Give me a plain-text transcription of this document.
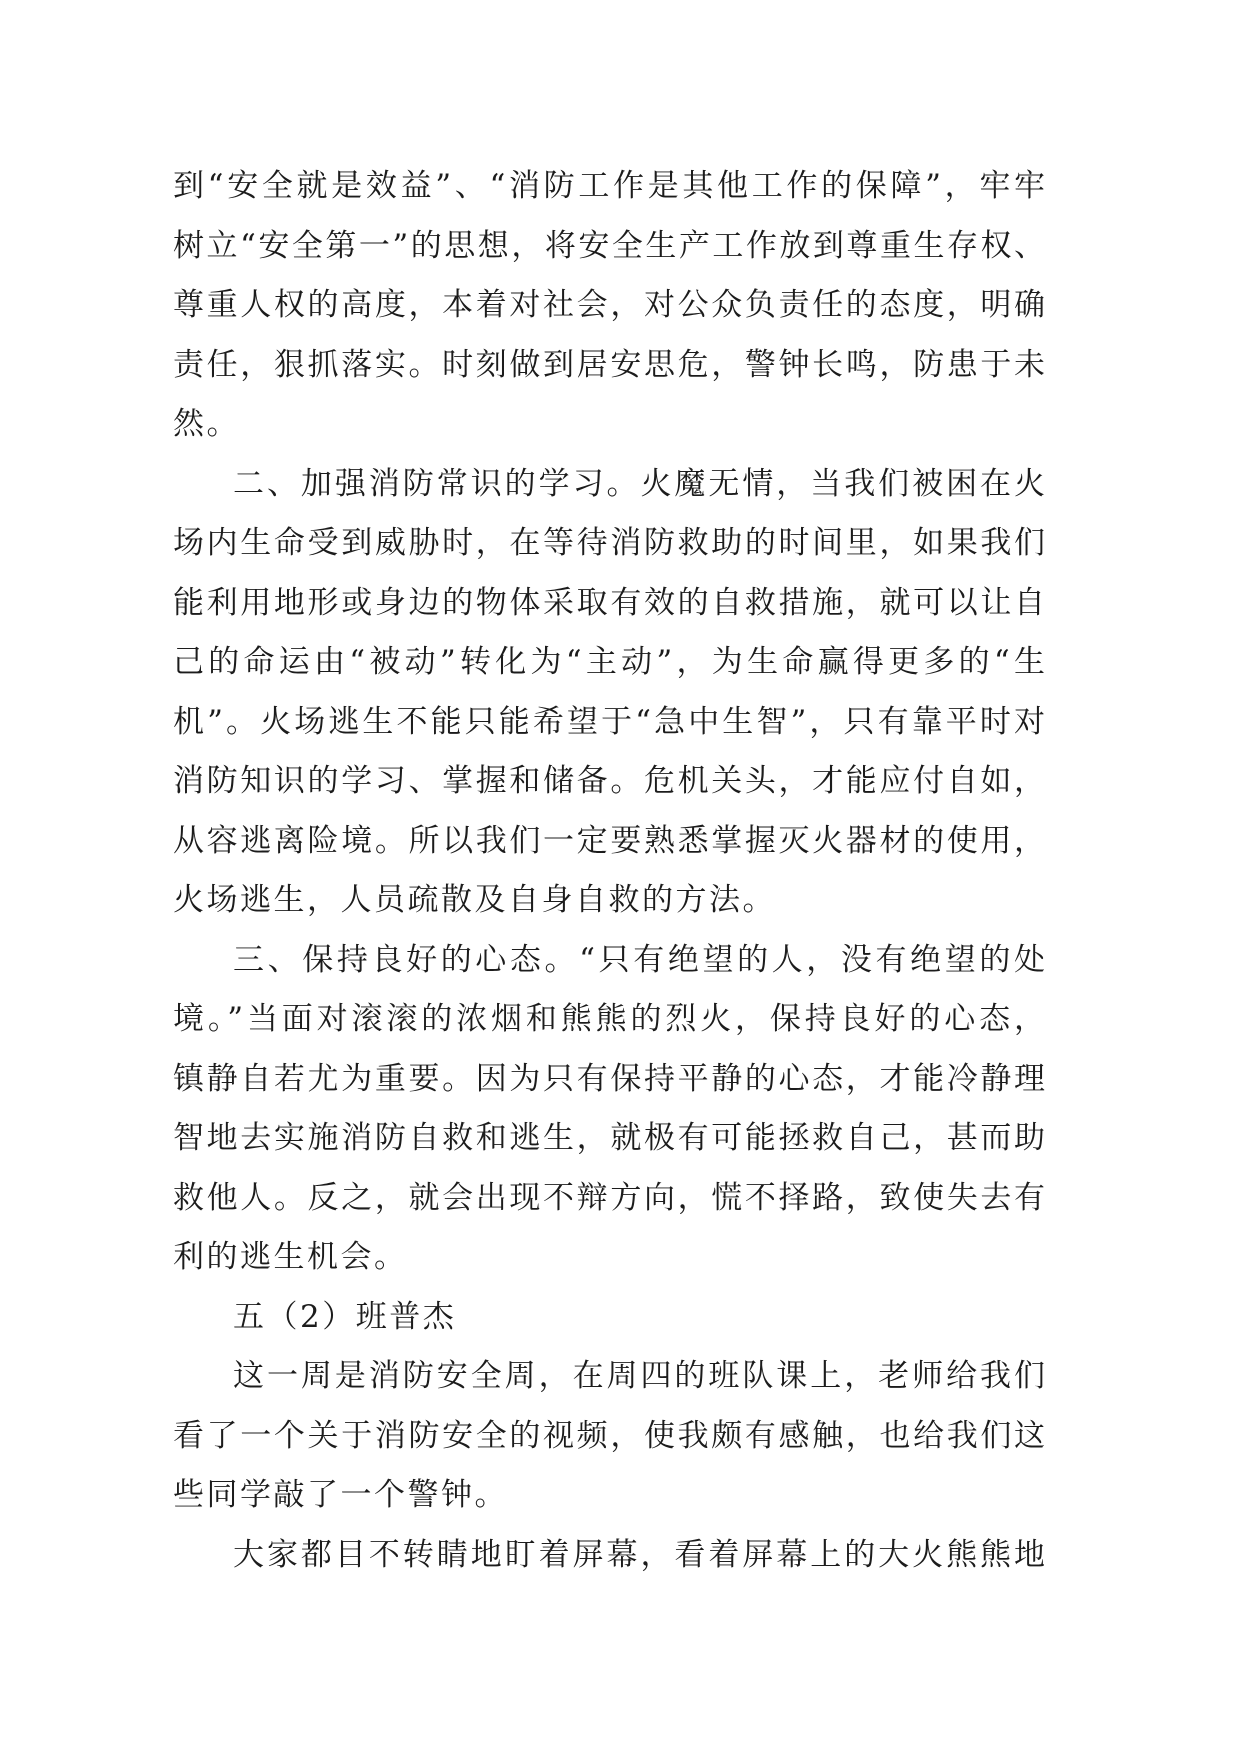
到“安全就是效益”、“消防工作是其他工作的保障”，牢牢

树立“安全第一”的思想，将安全生产工作放到尊重生存权、

尊重人权的高度，本着对社会，对公众负责任的态度，明确

责任，狠抓落实。时刻做到居安思危，警钟长鸣，防患于未

然。

二、加强消防常识的学习。火魔无情，当我们被困在火

场内生命受到威胁时，在等待消防救助的时间里，如果我们

能利用地形或身边的物体采取有效的自救措施，就可以让自

己的命运由“被动”转化为“主动”，为生命赢得更多的“生

机”。火场逃生不能只能希望于“急中生智”，只有靠平时对

消防知识的学习、掌握和储备。危机关头，才能应付自如，

从容逃离险境。所以我们一定要熟悉掌握灭火器材的使用，

火场逃生，人员疏散及自身自救的方法。

三、保持良好的心态。“只有绝望的人，没有绝望的处

境。”当面对滚滚的浓烟和熊熊的烈火，保持良好的心态，

镇静自若尤为重要。因为只有保持平静的心态，才能冷静理

智地去实施消防自救和逃生，就极有可能拯救自己，甚而助

救他人。反之，就会出现不辩方向，慌不择路，致使失去有

利的逃生机会。

五（2）班普杰

这一周是消防安全周，在周四的班队课上，老师给我们

看了一个关于消防安全的视频，使我颇有感触，也给我们这

些同学敲了一个警钟。

大家都目不转睛地盯着屏幕，看着屏幕上的大火熊熊地
